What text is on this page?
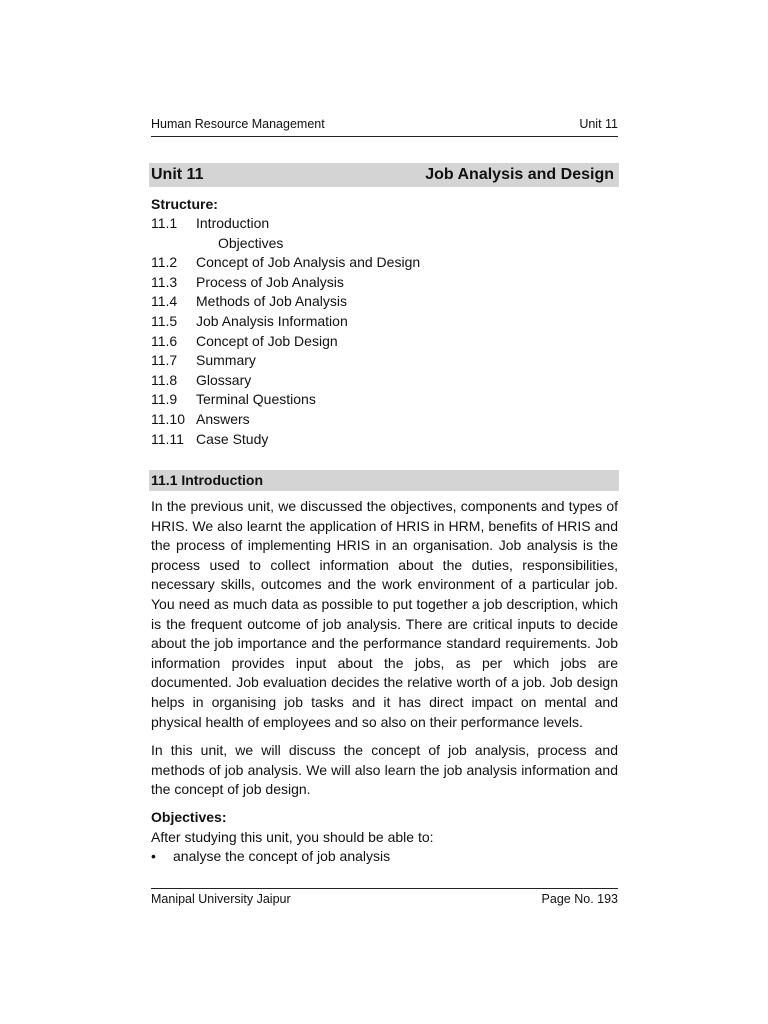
Human Resource Management	Unit 11
Unit 11	Job Analysis and Design
Structure:
11.1	Introduction
Objectives
11.2	Concept of Job Analysis and Design
11.3	Process of Job Analysis
11.4	Methods of Job Analysis
11.5	Job Analysis Information
11.6	Concept of Job Design
11.7	Summary
11.8	Glossary
11.9	Terminal Questions
11.10 Answers
11.11 Case Study
11.1 Introduction

In the previous unit, we discussed the objectives, components and types of HRIS. We also learnt the application of HRIS in HRM, benefits of HRIS and the process of implementing HRIS in an organisation. Job analysis is the process used to collect information about the duties, responsibilities, necessary skills, outcomes and the work environment of a particular job. You need as much data as possible to put together a job description, which is the frequent outcome of job analysis. There are critical inputs to decide about the job importance and the performance standard requirements. Job information provides input about the jobs, as per which jobs are documented. Job evaluation decides the relative worth of a job. Job design helps in organising job tasks and it has direct impact on mental and physical health of employees and so also on their performance levels.

In this unit, we will discuss the concept of job analysis, process and methods of job analysis. We will also learn the job analysis information and the concept of job design.

Objectives:
After studying this unit, you should be able to:
•	analyse the concept of job analysis
Manipal University Jaipur	Page No. 193
